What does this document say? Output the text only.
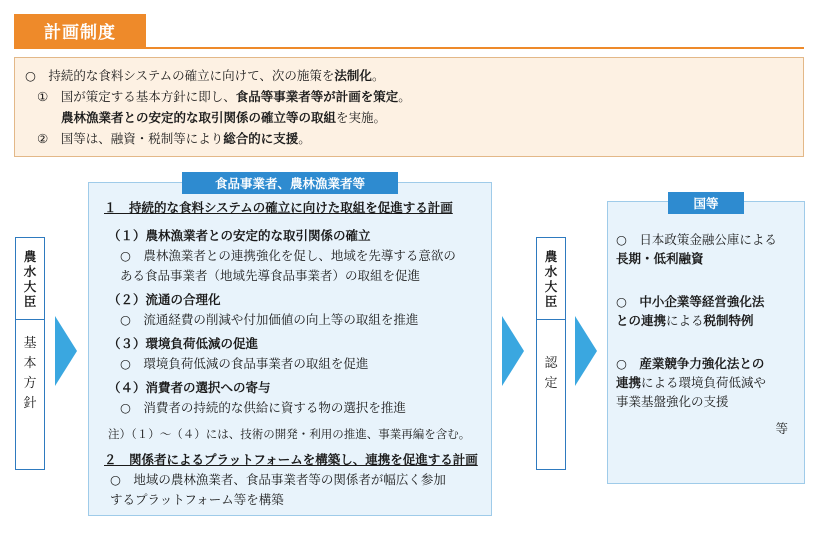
計画制度
○　持続的な食料システムの確立に向けて、次の施策を法制化。
①　国が策定する基本方針に即し、食品等事業者等が計画を策定。
農林漁業者との安定的な取引関係の確立等の取組を実施。
②　国等は、融資・税制等により総合的に支援。
農
水
大
臣
基
本
方
針
食品事業者、農林漁業者等
１　持続的な食料システムの確立に向けた取組を促進する計画
（１）農林漁業者との安定的な取引関係の確立
○　農林漁業者との連携強化を促し、地域を先導する意欲の
ある食品事業者（地域先導食品事業者）の取組を促進
（２）流通の合理化
○　流通経費の削減や付加価値の向上等の取組を推進
（３）環境負荷低減の促進
○　環境負荷低減の食品事業者の取組を促進
（４）消費者の選択への寄与
○　消費者の持続的な供給に資する物の選択を推進
注）（１）～（４）には、技術の開発・利用の推進、事業再編を含む。
２　関係者によるプラットフォームを構築し、連携を促進する計画
○　地域の農林漁業者、食品事業者等の関係者が幅広く参加
するプラットフォーム等を構築
農
水
大
臣
認
定
国等
○　日本政策金融公庫による
長期・低利融資
○　中小企業等経営強化法
との連携による税制特例
○　産業競争力強化法との
連携による環境負荷低減や
事業基盤強化の支援
等
